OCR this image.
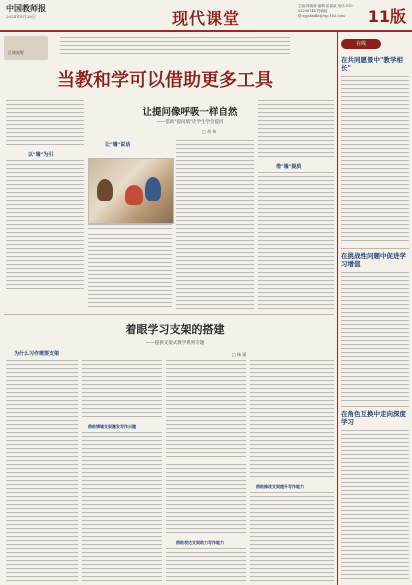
中国教师报
2024年8月28日	现代课堂
主编:林焕新 编辑:崔斌斌 电话:010-82296744 投稿邮箱:zgjsbxdkt@vip.163.com	11版
区域视野
当教和学可以借助更多工具
让提问像呼吸一样自然
——借助"提问墙"让学生学会提问
□ 胡 伟
以"墙"为引
让"墙"说话
借"墙"提质
着眼学习支架的搭建
——提供支架式教学系列专题
□ 杨 丽
为什么习作需要支架
借助情境支架激发写作兴趣
借助表达支架助力写作能力
借助修改支架提升写作能力
在线
在共同愿景中"教学相长"
在挑战性问题中促进学习增值
在角色互换中走向深度学习
